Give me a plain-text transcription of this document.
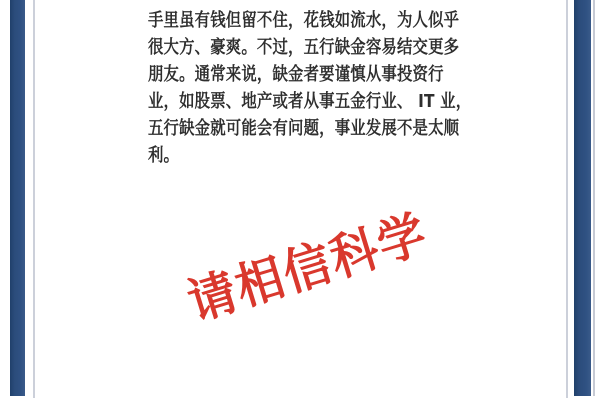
手里虽有钱但留不住，花钱如流水，为人似乎

很大方、豪爽。不过，五行缺金容易结交更多

朋友。通常来说，缺金者要谨慎从事投资行

业，如股票、地产或者从事五金行业、 IT 业，

五行缺金就可能会有问题，事业发展不是太顺

利。

请相信科学
